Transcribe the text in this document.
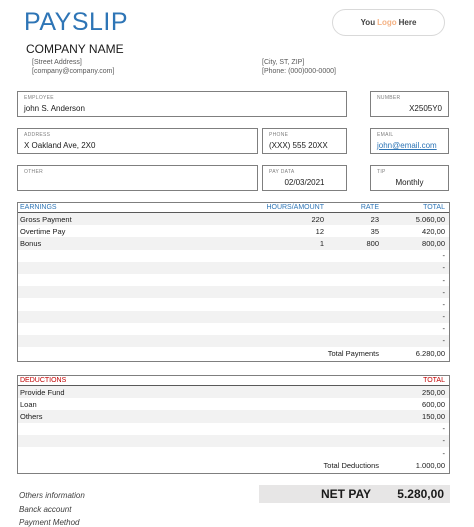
PAYSLIP	You Logo Here
COMPANY NAME
[Street Address]
[company@company.com]
[City, ST, ZIP]
[Phone: (000)000-0000]
EMPLOYEE
john S. Anderson
NUMBER
X2505Y0
ADDRESS
X Oakland Ave, 2X0
PHONE
(XXX) 555 20XX
EMAIL
john@email.com
OTHER	PAY DATA
02/03/2021
TIP
Monthly
EARNINGS	HOURS/AMOUNT	RATE	TOTAL
Gross Payment	220	23	5.060,00
Overtime Pay	12	35	420,00
Bonus	1	800	800,00
-
-
-
-
-
-
-
-
Total Payments	6.280,00
DEDUCTIONS	TOTAL
Provide Fund	250,00
Loan	600,00
Others	150,00
-
-
-
Total Deductions	1.000,00
NET PAY 5.280,00
Others information
Banck account
Payment Method
